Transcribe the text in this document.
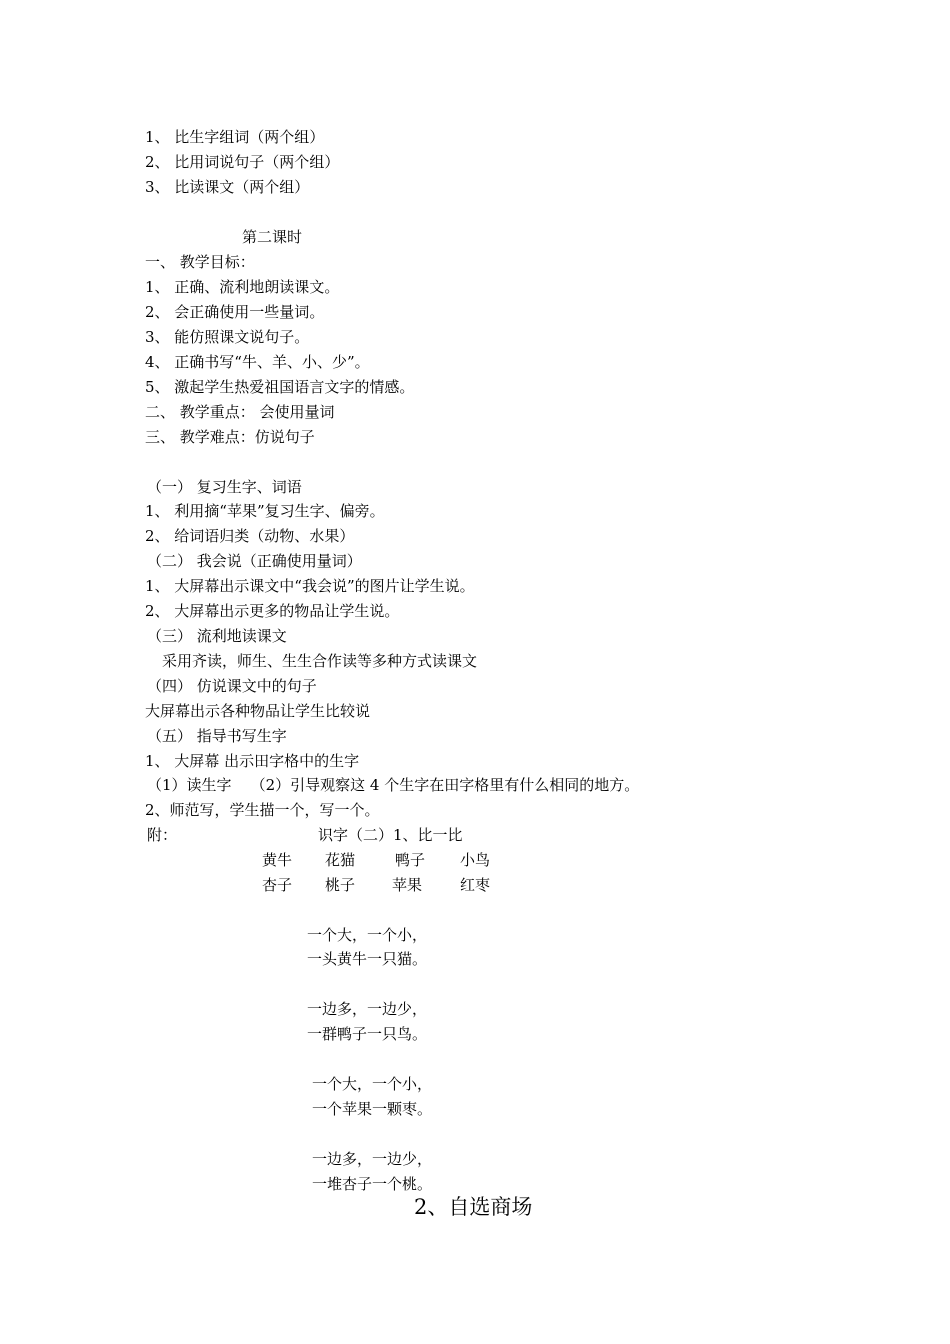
1、 比生字组词（两个组）
2、 比用词说句子（两个组）
3、 比读课文（两个组）
第二课时
一、 教学目标：
1、 正确、流利地朗读课文。
2、 会正确使用一些量词。
3、 能仿照课文说句子。
4、 正确书写“牛、羊、小、少”。
5、 激起学生热爱祖国语言文字的情感。
二、 教学重点： 会使用量词
三、 教学难点：仿说句子
（一） 复习生字、词语
1、 利用摘“苹果”复习生字、偏旁。
2、 给词语归类（动物、水果）
（二） 我会说（正确使用量词）
1、 大屏幕出示课文中“我会说”的图片让学生说。
2、 大屏幕出示更多的物品让学生说。
（三） 流利地读课文
采用齐读，师生、生生合作读等多种方式读课文
（四） 仿说课文中的句子
大屏幕出示各种物品让学生比较说
（五） 指导书写生字
1、 大屏幕 出示田字格中的生字
（1）读生字    （2）引导观察这 4 个生字在田字格里有什么相同的地方。
2、师范写，学生描一个，写一个。
附：	识字（二）1、比一比
黄牛 花猫	鸭子 小鸟
杏子 桃子 苹果	红枣
一个大，一个小，
一头黄牛一只猫。
一边多，一边少，
一群鸭子一只鸟。
一个大，一个小，
一个苹果一颗枣。
一边多，一边少，
一堆杏子一个桃。
2、自选商场
